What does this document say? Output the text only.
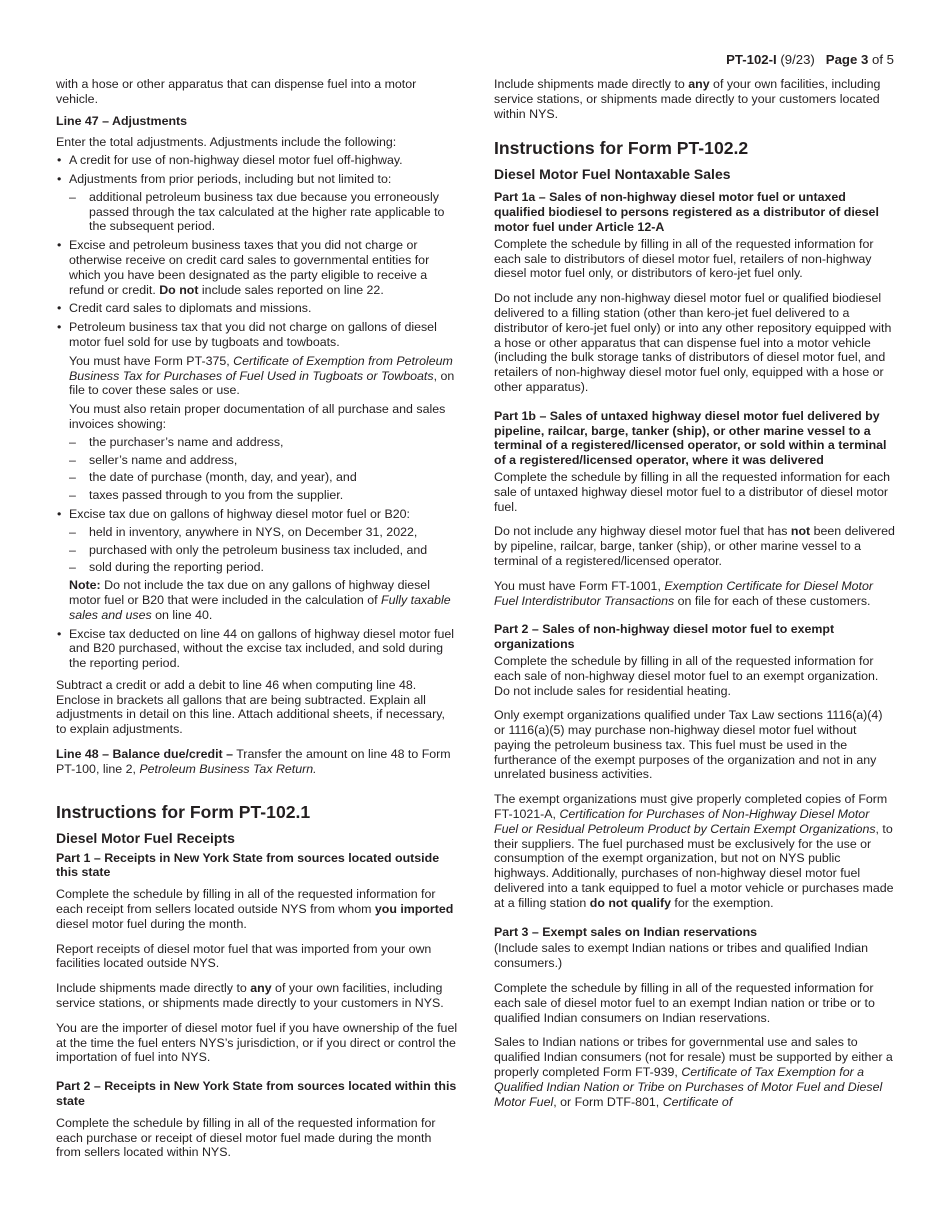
PT-102-I (9/23) Page 3 of 5

with a hose or other apparatus that can dispense fuel into a motor vehicle.

Line 47 – Adjustments

Enter the total adjustments. Adjustments include the following:

• A credit for use of non-highway diesel motor fuel off-highway.
• Adjustments from prior periods, including but not limited to:
– additional petroleum business tax due because you erroneously passed through the tax calculated at the higher rate applicable to the subsequent period.
• Excise and petroleum business taxes that you did not charge or otherwise receive on credit card sales to governmental entities for which you have been designated as the party eligible to receive a refund or credit. Do not include sales reported on line 22.
• Credit card sales to diplomats and missions.
• Petroleum business tax that you did not charge on gallons of diesel motor fuel sold for use by tugboats and towboats.

You must have Form PT-375, Certificate of Exemption from Petroleum Business Tax for Purchases of Fuel Used in Tugboats or Towboats, on file to cover these sales or use.

You must also retain proper documentation of all purchase and sales invoices showing:

– the purchaser’s name and address,
– seller’s name and address,
– the date of purchase (month, day, and year), and
– taxes passed through to you from the supplier.
• Excise tax due on gallons of highway diesel motor fuel or B20:
– held in inventory, anywhere in NYS, on December 31, 2022,
– purchased with only the petroleum business tax included, and
– sold during the reporting period.

Note: Do not include the tax due on any gallons of highway diesel motor fuel or B20 that were included in the calculation of Fully taxable sales and uses on line 40.

• Excise tax deducted on line 44 on gallons of highway diesel motor fuel and B20 purchased, without the excise tax included, and sold during the reporting period.

Subtract a credit or add a debit to line 46 when computing line 48. Enclose in brackets all gallons that are being subtracted. Explain all adjustments in detail on this line. Attach additional sheets, if necessary, to explain adjustments.

Line 48 – Balance due/credit – Transfer the amount on line 48 to Form PT-100, line 2, Petroleum Business Tax Return.

Instructions for Form PT-102.1
Diesel Motor Fuel Receipts

Part 1 – Receipts in New York State from sources located outside this state

Complete the schedule by filling in all of the requested information for each receipt from sellers located outside NYS from whom you imported diesel motor fuel during the month.

Report receipts of diesel motor fuel that was imported from your own facilities located outside NYS.

Include shipments made directly to any of your own facilities, including service stations, or shipments made directly to your customers in NYS.

You are the importer of diesel motor fuel if you have ownership of the fuel at the time the fuel enters NYS’s jurisdiction, or if you direct or control the importation of fuel into NYS.

Part 2 – Receipts in New York State from sources located within this state

Complete the schedule by filling in all of the requested information for each purchase or receipt of diesel motor fuel made during the month from sellers located within NYS.

Include shipments made directly to any of your own facilities, including service stations, or shipments made directly to your customers located within NYS.

Instructions for Form PT-102.2
Diesel Motor Fuel Nontaxable Sales

Part 1a – Sales of non-highway diesel motor fuel or untaxed qualified biodiesel to persons registered as a distributor of diesel motor fuel under Article 12-A

Complete the schedule by filling in all of the requested information for each sale to distributors of diesel motor fuel, retailers of non-highway diesel motor fuel only, or distributors of kero-jet fuel only.

Do not include any non-highway diesel motor fuel or qualified biodiesel delivered to a filling station (other than kero-jet fuel delivered to a distributor of kero-jet fuel only) or into any other repository equipped with a hose or other apparatus that can dispense fuel into a motor vehicle (including the bulk storage tanks of distributors of diesel motor fuel, and retailers of non-highway diesel motor fuel only, equipped with a hose or other apparatus).

Part 1b – Sales of untaxed highway diesel motor fuel delivered by pipeline, railcar, barge, tanker (ship), or other marine vessel to a terminal of a registered/licensed operator, or sold within a terminal of a registered/licensed operator, where it was delivered

Complete the schedule by filling in all the requested information for each sale of untaxed highway diesel motor fuel to a distributor of diesel motor fuel.

Do not include any highway diesel motor fuel that has not been delivered by pipeline, railcar, barge, tanker (ship), or other marine vessel to a terminal of a registered/licensed operator.

You must have Form FT-1001, Exemption Certificate for Diesel Motor Fuel Interdistributor Transactions on file for each of these customers.

Part 2 – Sales of non-highway diesel motor fuel to exempt organizations

Complete the schedule by filling in all of the requested information for each sale of non-highway diesel motor fuel to an exempt organization. Do not include sales for residential heating.

Only exempt organizations qualified under Tax Law sections 1116(a)(4) or 1116(a)(5) may purchase non-highway diesel motor fuel without paying the petroleum business tax. This fuel must be used in the furtherance of the exempt purposes of the organization and not in any unrelated business activities.

The exempt organizations must give properly completed copies of Form FT-1021-A, Certification for Purchases of Non-Highway Diesel Motor Fuel or Residual Petroleum Product by Certain Exempt Organizations, to their suppliers. The fuel purchased must be exclusively for the use or consumption of the exempt organization, but not on NYS public highways. Additionally, purchases of non-highway diesel motor fuel delivered into a tank equipped to fuel a motor vehicle or purchases made at a filling station do not qualify for the exemption.

Part 3 – Exempt sales on Indian reservations

(Include sales to exempt Indian nations or tribes and qualified Indian consumers.)

Complete the schedule by filling in all of the requested information for each sale of diesel motor fuel to an exempt Indian nation or tribe or to qualified Indian consumers on Indian reservations.

Sales to Indian nations or tribes for governmental use and sales to qualified Indian consumers (not for resale) must be supported by either a properly completed Form FT-939, Certificate of Tax Exemption for a Qualified Indian Nation or Tribe on Purchases of Motor Fuel and Diesel Motor Fuel, or Form DTF-801, Certificate of
